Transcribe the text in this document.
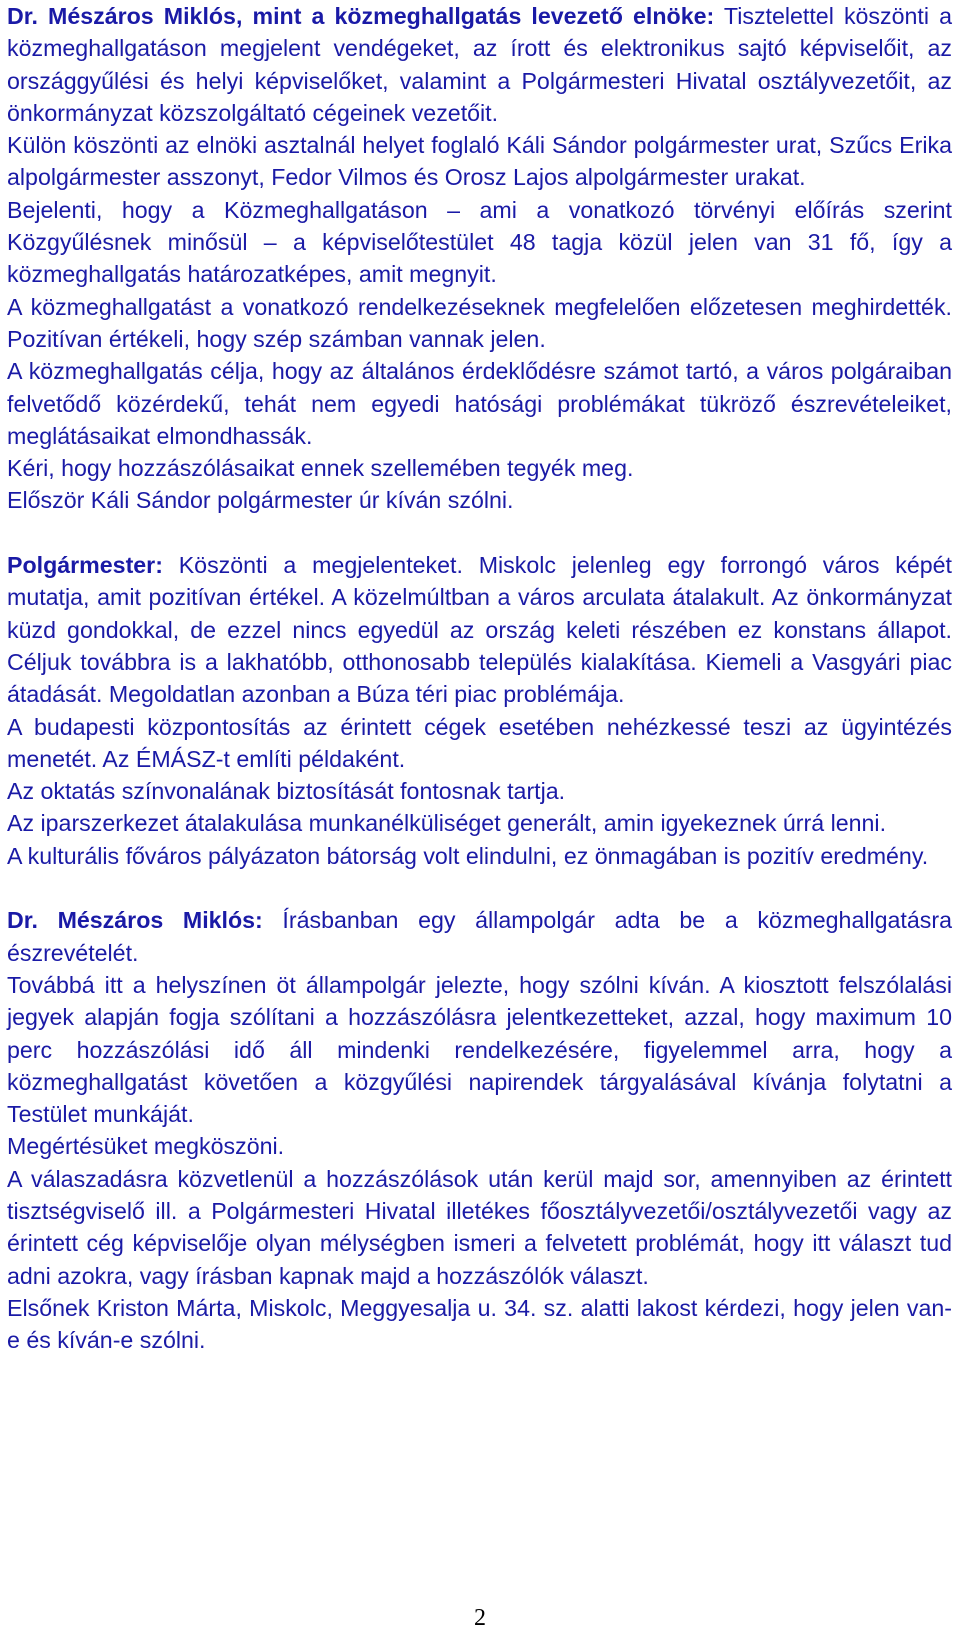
Dr. Mészáros Miklós, mint a közmeghallgatás levezető elnöke: Tisztelettel köszönti a közmeghallgatáson megjelent vendégeket, az írott és elektronikus sajtó képviselőit, az országgyűlési és helyi képviselőket, valamint a Polgármesteri Hivatal osztályvezetőit, az önkormányzat közszolgáltató cégeinek vezetőit.

Külön köszönti az elnöki asztalnál helyet foglaló Káli Sándor polgármester urat, Szűcs Erika alpolgármester asszonyt, Fedor Vilmos és Orosz Lajos alpolgármester urakat.

Bejelenti, hogy a Közmeghallgatáson – ami a vonatkozó törvényi előírás szerint Közgyűlésnek minősül – a képviselőtestület 48 tagja közül jelen van 31 fő, így a közmeghallgatás határozatképes, amit megnyit.

A közmeghallgatást a vonatkozó rendelkezéseknek megfelelően előzetesen meghirdették. Pozitívan értékeli, hogy szép számban vannak jelen.

A közmeghallgatás célja, hogy az általános érdeklődésre számot tartó, a város polgáraiban felvetődő közérdekű, tehát nem egyedi hatósági problémákat tükröző észrevételeiket, meglátásaikat elmondhassák.

Kéri, hogy hozzászólásaikat ennek szellemében tegyék meg.

Először Káli Sándor polgármester úr kíván szólni.

Polgármester: Köszönti a megjelenteket. Miskolc jelenleg egy forrongó város képét mutatja, amit pozitívan értékel. A közelmúltban a város arculata átalakult. Az önkormányzat küzd gondokkal, de ezzel nincs egyedül az ország keleti részében ez konstans állapot. Céljuk továbbra is a lakhatóbb, otthonosabb település kialakítása. Kiemeli a Vasgyári piac átadását. Megoldatlan azonban a Búza téri piac problémája.

A budapesti központosítás az érintett cégek esetében nehézkessé teszi az ügyintézés menetét. Az ÉMÁSZ-t említi példaként.

Az oktatás színvonalának biztosítását fontosnak tartja.

Az iparszerkezet átalakulása munkanélküliséget generált, amin igyekeznek úrrá lenni.

A kulturális főváros pályázaton bátorság volt elindulni, ez önmagában is pozitív eredmény.

Dr. Mészáros Miklós: Írásbanban egy állampolgár adta be a közmeghallgatásra észrevételét.

Továbbá itt a helyszínen öt állampolgár jelezte, hogy szólni kíván. A kiosztott felszólalási jegyek alapján fogja szólítani a hozzászólásra jelentkezetteket, azzal, hogy maximum 10 perc hozzászólási idő áll mindenki rendelkezésére, figyelemmel arra, hogy a közmeghallgatást követően a közgyűlési napirendek tárgyalásával kívánja folytatni a Testület munkáját.

Megértésüket megköszöni.

A válaszadásra közvetlenül a hozzászólások után kerül majd sor, amennyiben az érintett tisztségviselő ill. a Polgármesteri Hivatal illetékes főosztályvezetői/osztályvezetői vagy az érintett cég képviselője olyan mélységben ismeri a felvetett problémát, hogy itt választ tud adni azokra, vagy írásban kapnak majd a hozzászólók választ.

Elsőnek Kriston Márta, Miskolc, Meggyesalja u. 34. sz. alatti lakost kérdezi, hogy jelen van-e és kíván-e szólni.

2
